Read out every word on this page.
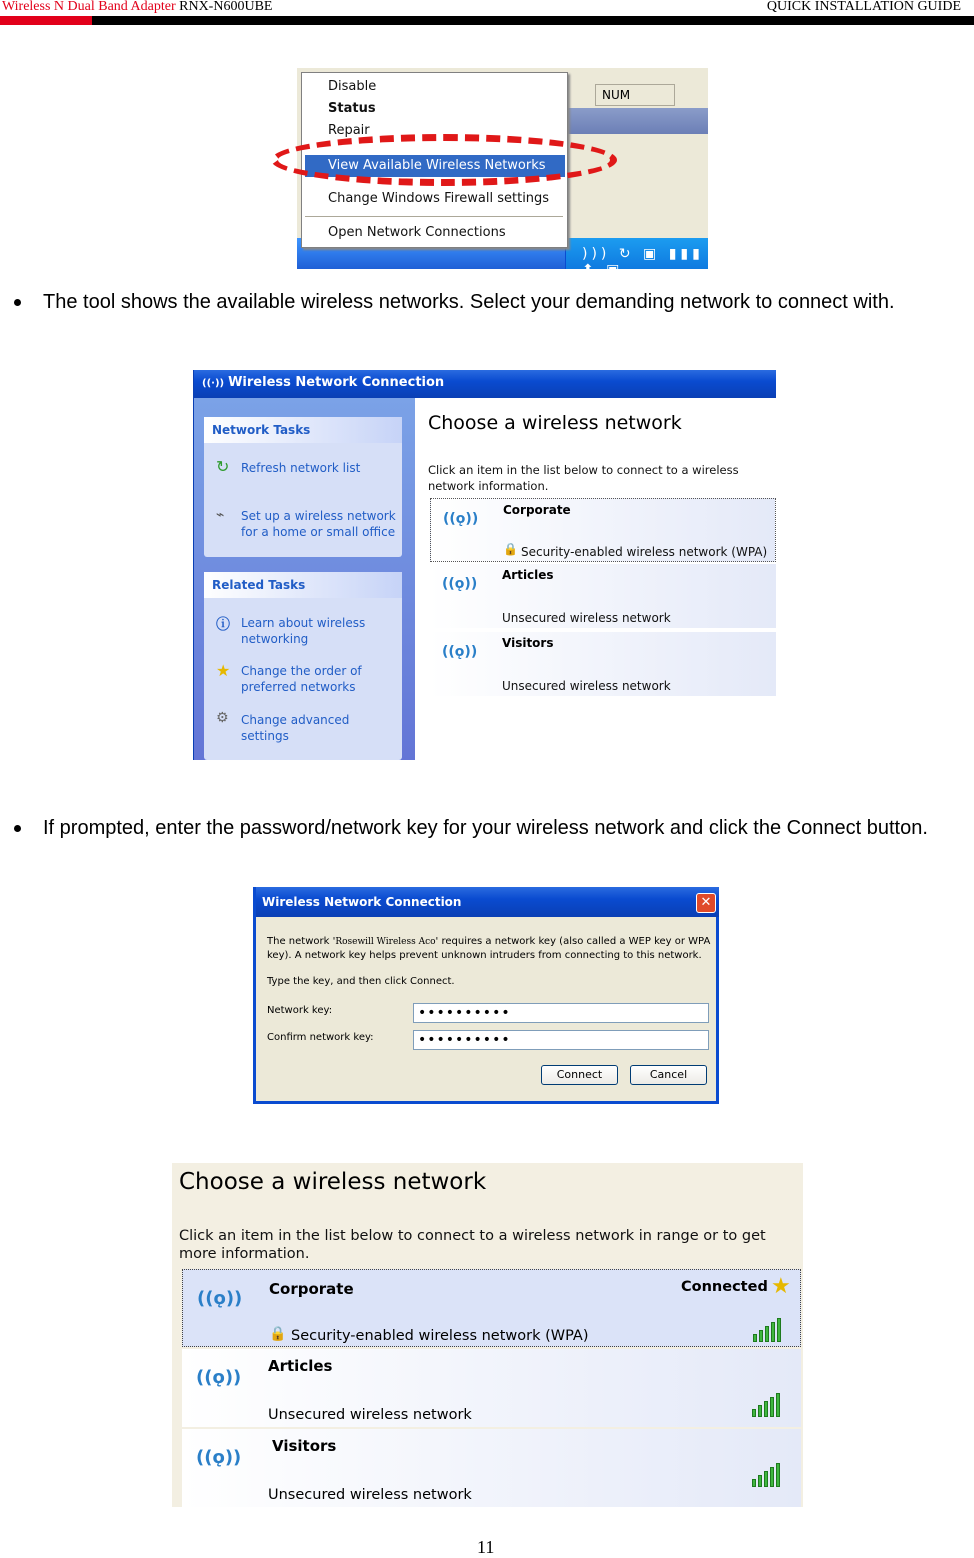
Wireless N Dual Band Adapter RNX-N600UBE	QUICK INSTALLATION GUIDE
NUM
))) ↻ ▣ ▮▮▮ ⬍ ▣
Disable
Status
Repair
View Available Wireless Networks
Change Windows Firewall settings
Open Network Connections
The tool shows the available wireless networks. Select your demanding network to connect with.
((·)) Wireless Network Connection
Network Tasks
↻ Refresh network list
⌁ Set up a wireless network for a home or small office
Related Tasks
ⓘ Learn about wireless networking
★ Change the order of preferred networks
⚙ Change advanced settings
Choose a wireless network
Click an item in the list below to connect to a wireless network information.
((ǫ))
Corporate
🔒 Security-enabled wireless network (WPA)
((ǫ))
Articles
Unsecured wireless network
((ǫ))
Visitors
Unsecured wireless network
If prompted, enter the password/network key for your wireless network and click the Connect button.
Wireless Network Connection	✕
The network 'Rosewill Wireless Aco' requires a network key (also called a WEP key or WPA key). A network key helps prevent unknown intruders from connecting to this network.
Type the key, and then click Connect.
Network key:	••••••••••
Confirm network key:	••••••••••
Connect	Cancel
Choose a wireless network
Click an item in the list below to connect to a wireless network in range or to get more information.
((ǫ)) Corporate
🔒 Security-enabled wireless network (WPA)
Connected ★
((ǫ))
Articles
Unsecured wireless network
((ǫ))
Visitors
Unsecured wireless network
11
